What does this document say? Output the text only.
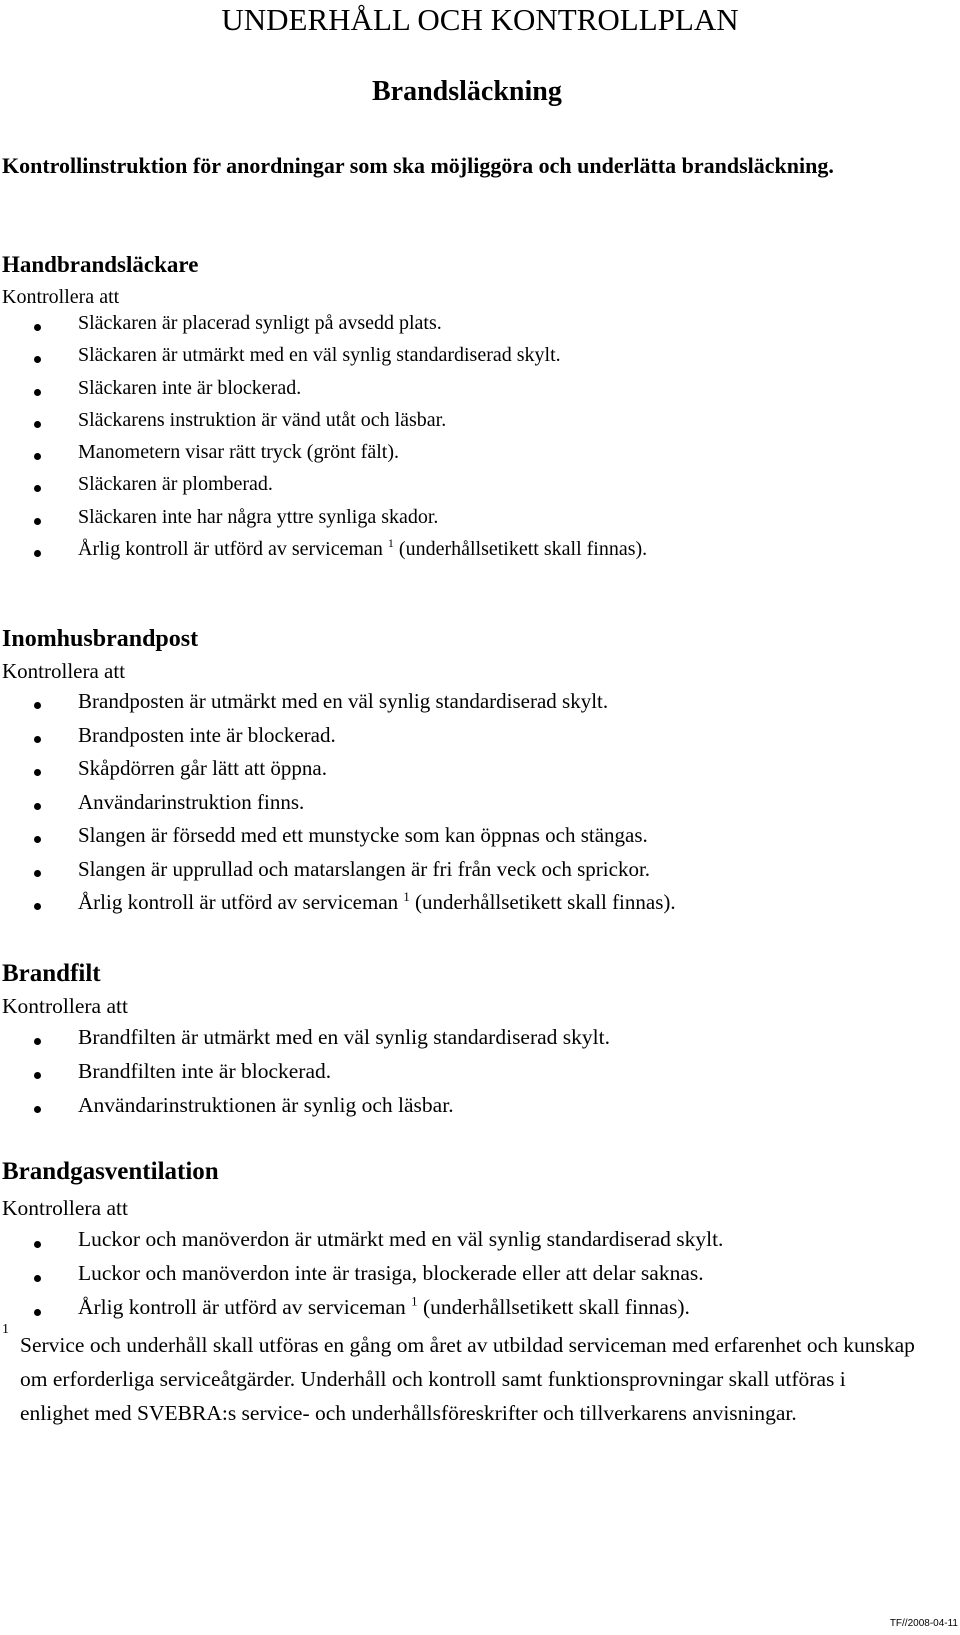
UNDERHÅLL OCH KONTROLLPLAN
Brandsläckning

Kontrollinstruktion för anordningar som ska möjliggöra och underlätta brandsläckning.

Handbrandsläckare
Kontrollera att
Släckaren är placerad synligt på avsedd plats.
Släckaren är utmärkt med en väl synlig standardiserad skylt.
Släckaren inte är blockerad.
Släckarens instruktion är vänd utåt och läsbar.
Manometern visar rätt tryck (grönt fält).
Släckaren är plomberad.
Släckaren inte har några yttre synliga skador.
Årlig kontroll är utförd av serviceman $^1$ (underhållsetikett skall finnas).
Inomhusbrandpost
Kontrollera att
Brandposten är utmärkt med en väl synlig standardiserad skylt.
Brandposten inte är blockerad.
Skåpdörren går lätt att öppna.
Användarinstruktion finns.
Slangen är försedd med ett munstycke som kan öppnas och stängas.
Slangen är upprullad och matarslangen är fri från veck och sprickor.
Årlig kontroll är utförd av serviceman $^1$ (underhållsetikett skall finnas).
Brandfilt
Kontrollera att
Brandfilten är utmärkt med en väl synlig standardiserad skylt.
Brandfilten inte är blockerad.
Användarinstruktionen är synlig och läsbar.
Brandgasventilation
Kontrollera att
Luckor och manöverdon är utmärkt med en väl synlig standardiserad skylt.
Luckor och manöverdon inte är trasiga, blockerade eller att delar saknas.
Årlig kontroll är utförd av serviceman $^1$ (underhållsetikett skall finnas).
1

Service och underhåll skall utföras en gång om året av utbildad serviceman med erfarenhet och kunskap om erforderliga serviceåtgärder. Underhåll och kontroll samt funktionsprovningar skall utföras i enlighet med SVEBRA:s service- och underhållsföreskrifter och tillverkarens anvisningar.

TF//2008-04-11
